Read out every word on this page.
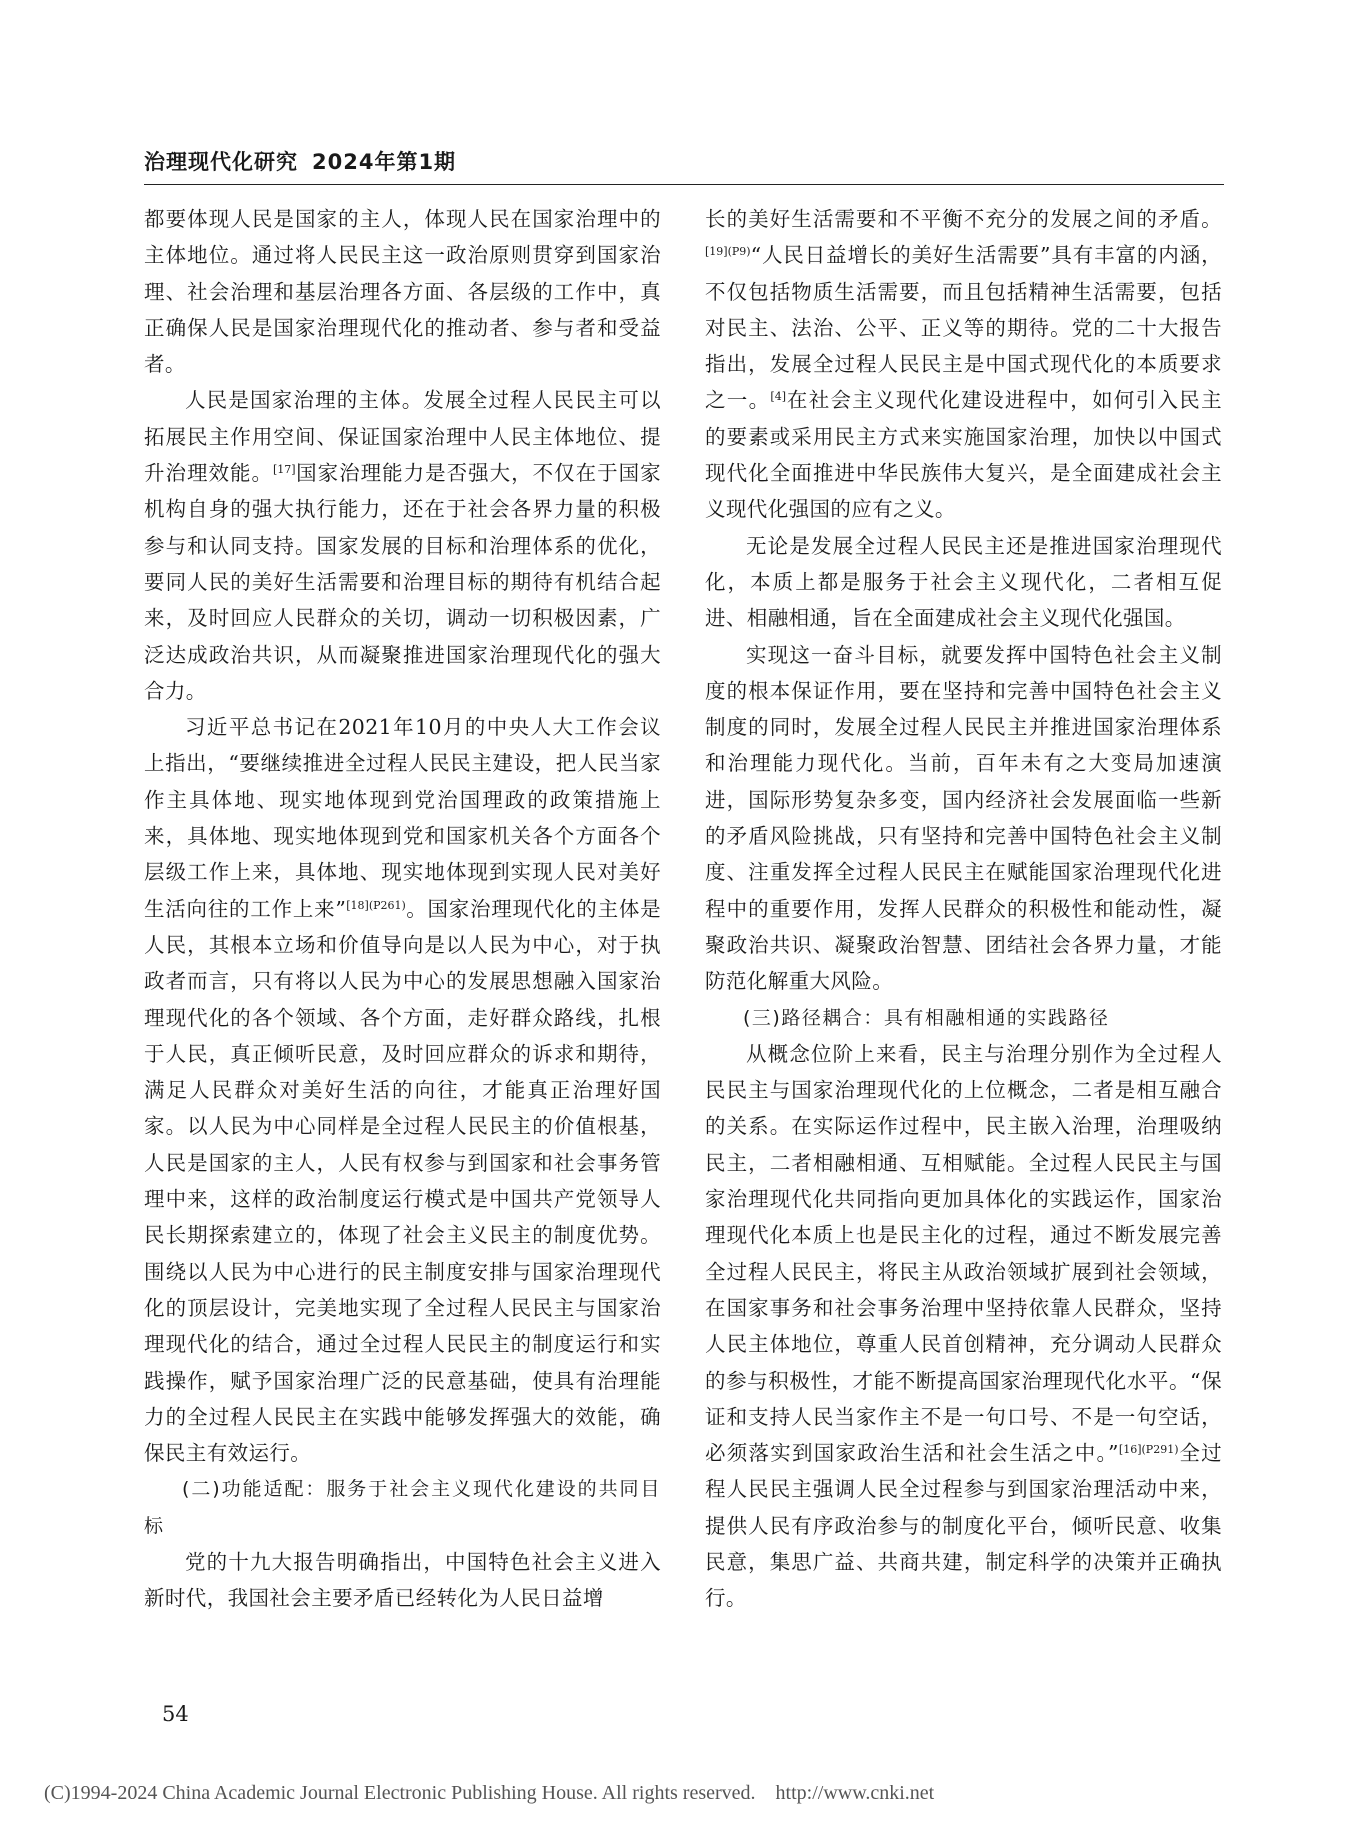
治理现代化研究 2024年第1期

都要体现人民是国家的主人，体现人民在国家治理中的主体地位。通过将人民民主这一政治原则贯穿到国家治理、社会治理和基层治理各方面、各层级的工作中，真正确保人民是国家治理现代化的推动者、参与者和受益者。

人民是国家治理的主体。发展全过程人民民主可以拓展民主作用空间、保证国家治理中人民主体地位、提升治理效能。[17]国家治理能力是否强大，不仅在于国家机构自身的强大执行能力，还在于社会各界力量的积极参与和认同支持。国家发展的目标和治理体系的优化，要同人民的美好生活需要和治理目标的期待有机结合起来，及时回应人民群众的关切，调动一切积极因素，广泛达成政治共识，从而凝聚推进国家治理现代化的强大合力。

习近平总书记在2021年10月的中央人大工作会议上指出，“要继续推进全过程人民民主建设，把人民当家作主具体地、现实地体现到党治国理政的政策措施上来，具体地、现实地体现到党和国家机关各个方面各个层级工作上来，具体地、现实地体现到实现人民对美好生活向往的工作上来”$^{[18](P261)}$。国家治理现代化的主体是人民，其根本立场和价值导向是以人民为中心，对于执政者而言，只有将以人民为中心的发展思想融入国家治理现代化的各个领域、各个方面，走好群众路线，扎根于人民，真正倾听民意，及时回应群众的诉求和期待，满足人民群众对美好生活的向往，才能真正治理好国家。以人民为中心同样是全过程人民民主的价值根基，人民是国家的主人，人民有权参与到国家和社会事务管理中来，这样的政治制度运行模式是中国共产党领导人民长期探索建立的，体现了社会主义民主的制度优势。围绕以人民为中心进行的民主制度安排与国家治理现代化的顶层设计，完美地实现了全过程人民民主与国家治理现代化的结合，通过全过程人民民主的制度运行和实践操作，赋予国家治理广泛的民意基础，使具有治理能力的全过程人民民主在实践中能够发挥强大的效能，确保民主有效运行。

(二)功能适配：服务于社会主义现代化建设的共同目标

党的十九大报告明确指出，中国特色社会主义进入新时代，我国社会主要矛盾已经转化为人民日益增

长的美好生活需要和不平衡不充分的发展之间的矛盾。$^{[19](P9)}$“人民日益增长的美好生活需要”具有丰富的内涵，不仅包括物质生活需要，而且包括精神生活需要，包括对民主、法治、公平、正义等的期待。党的二十大报告指出，发展全过程人民民主是中国式现代化的本质要求之一。[4]在社会主义现代化建设进程中，如何引入民主的要素或采用民主方式来实施国家治理，加快以中国式现代化全面推进中华民族伟大复兴，是全面建成社会主义现代化强国的应有之义。

无论是发展全过程人民民主还是推进国家治理现代化，本质上都是服务于社会主义现代化，二者相互促进、相融相通，旨在全面建成社会主义现代化强国。

实现这一奋斗目标，就要发挥中国特色社会主义制度的根本保证作用，要在坚持和完善中国特色社会主义制度的同时，发展全过程人民民主并推进国家治理体系和治理能力现代化。当前，百年未有之大变局加速演进，国际形势复杂多变，国内经济社会发展面临一些新的矛盾风险挑战，只有坚持和完善中国特色社会主义制度、注重发挥全过程人民民主在赋能国家治理现代化进程中的重要作用，发挥人民群众的积极性和能动性，凝聚政治共识、凝聚政治智慧、团结社会各界力量，才能防范化解重大风险。

(三)路径耦合：具有相融相通的实践路径

从概念位阶上来看，民主与治理分别作为全过程人民民主与国家治理现代化的上位概念，二者是相互融合的关系。在实际运作过程中，民主嵌入治理，治理吸纳民主，二者相融相通、互相赋能。全过程人民民主与国家治理现代化共同指向更加具体化的实践运作，国家治理现代化本质上也是民主化的过程，通过不断发展完善全过程人民民主，将民主从政治领域扩展到社会领域，在国家事务和社会事务治理中坚持依靠人民群众，坚持人民主体地位，尊重人民首创精神，充分调动人民群众的参与积极性，才能不断提高国家治理现代化水平。“保证和支持人民当家作主不是一句口号、不是一句空话，必须落实到国家政治生活和社会生活之中。”$^{[16](P291)}$全过程人民民主强调人民全过程参与到国家治理活动中来，提供人民有序政治参与的制度化平台，倾听民意、收集民意，集思广益、共商共建，制定科学的决策并正确执行。

54
(C)1994-2024 China Academic Journal Electronic Publishing House. All rights reserved.    http://www.cnki.net
